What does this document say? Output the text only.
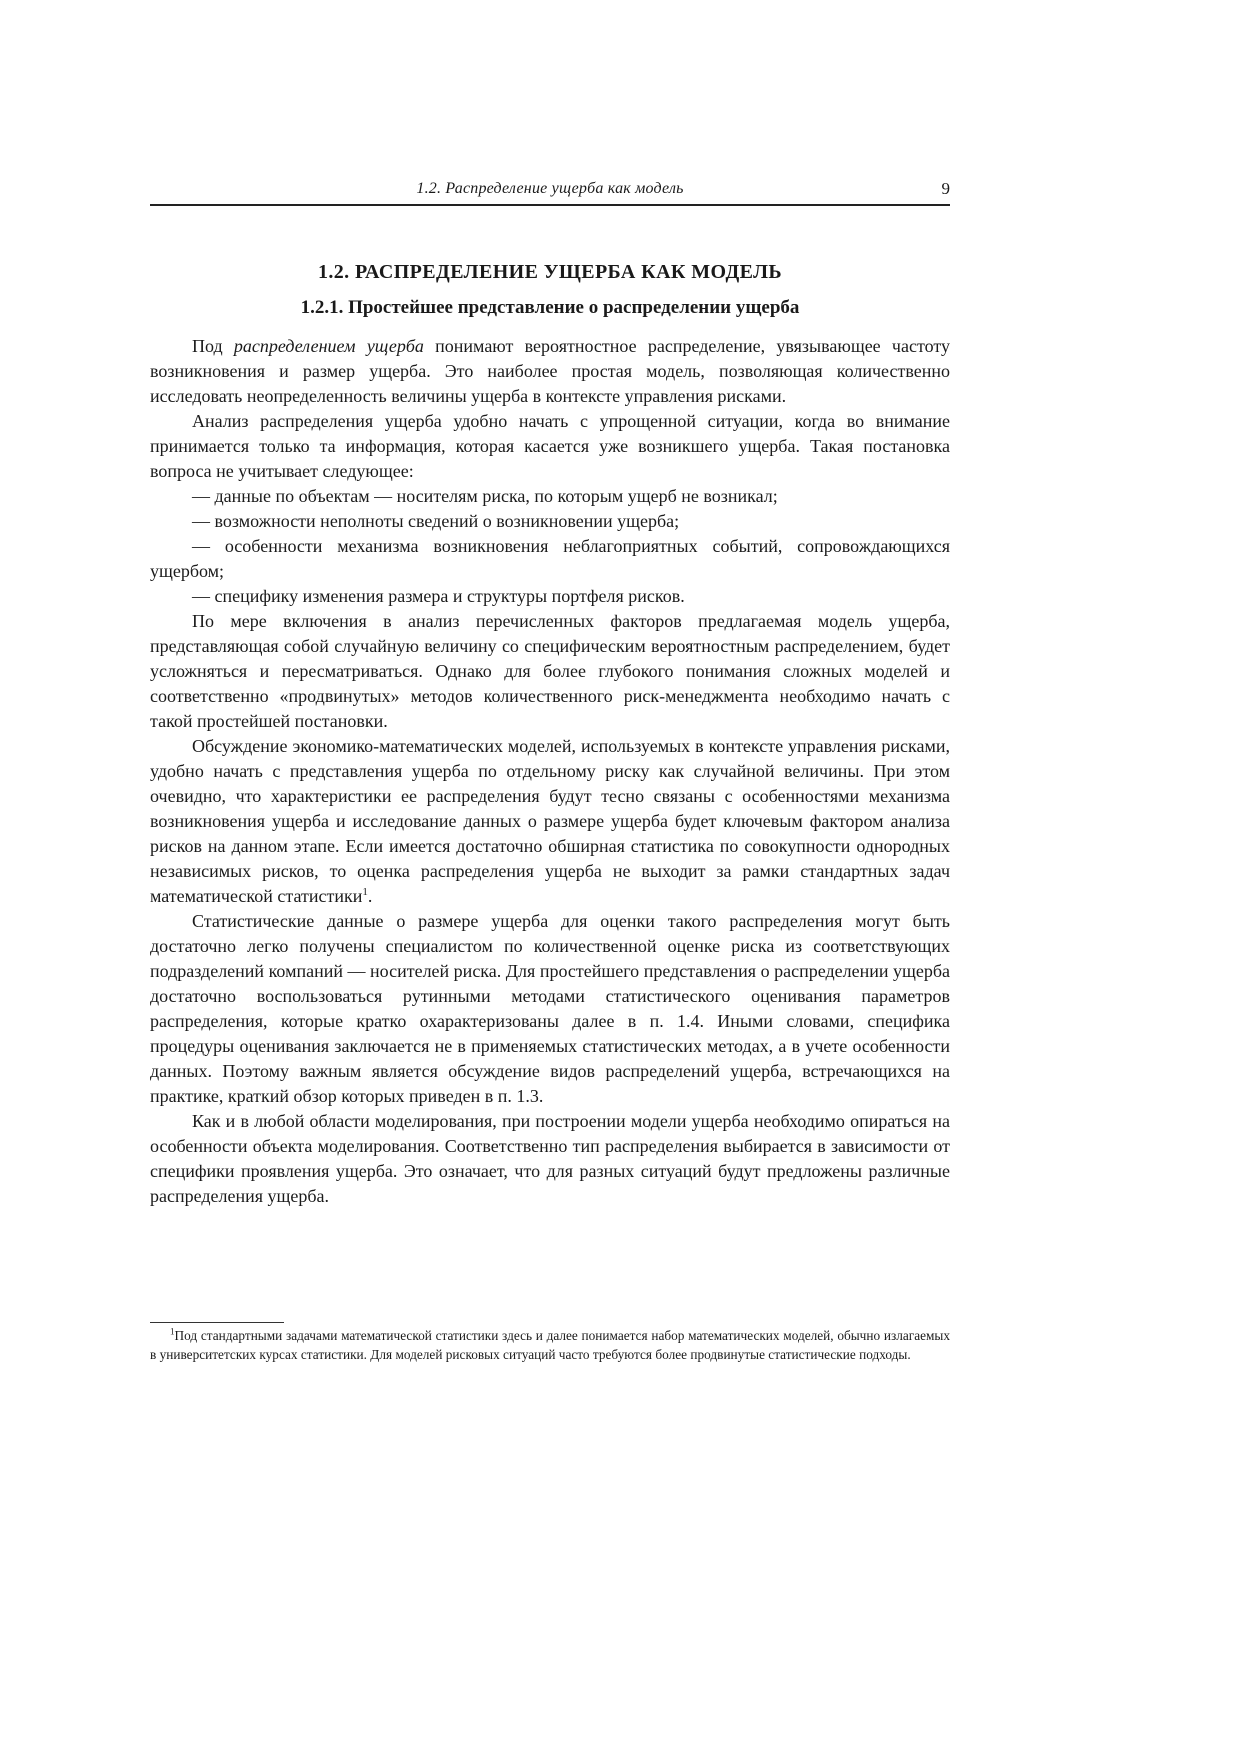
1.2. Распределение ущерба как модель	9
1.2. РАСПРЕДЕЛЕНИЕ УЩЕРБА КАК МОДЕЛЬ
1.2.1. Простейшее представление о распределении ущерба

Под распределением ущерба понимают вероятностное распределение, увязывающее частоту возникновения и размер ущерба. Это наиболее простая модель, позволяющая количественно исследовать неопределенность величины ущерба в контексте управления рисками.

Анализ распределения ущерба удобно начать с упрощенной ситуации, когда во внимание принимается только та информация, которая касается уже возникшего ущерба. Такая постановка вопроса не учитывает следующее:

— данные по объектам — носителям риска, по которым ущерб не возникал;

— возможности неполноты сведений о возникновении ущерба;

— особенности механизма возникновения неблагоприятных событий, сопровождающихся ущербом;

— специфику изменения размера и структуры портфеля рисков.

По мере включения в анализ перечисленных факторов предлагаемая модель ущерба, представляющая собой случайную величину со специфическим вероятностным распределением, будет усложняться и пересматриваться. Однако для более глубокого понимания сложных моделей и соответственно «продвинутых» методов количественного риск-менеджмента необходимо начать с такой простейшей постановки.

Обсуждение экономико-математических моделей, используемых в контексте управления рисками, удобно начать с представления ущерба по отдельному риску как случайной величины. При этом очевидно, что характеристики ее распределения будут тесно связаны с особенностями механизма возникновения ущерба и исследование данных о размере ущерба будет ключевым фактором анализа рисков на данном этапе. Если имеется достаточно обширная статистика по совокупности однородных независимых рисков, то оценка распределения ущерба не выходит за рамки стандартных задач математической статистики$^1$.

Статистические данные о размере ущерба для оценки такого распределения могут быть достаточно легко получены специалистом по количественной оценке риска из соответствующих подразделений компаний — носителей риска. Для простейшего представления о распределении ущерба достаточно воспользоваться рутинными методами статистического оценивания параметров распределения, которые кратко охарактеризованы далее в п. 1.4. Иными словами, специфика процедуры оценивания заключается не в применяемых статистических методах, а в учете особенности данных. Поэтому важным является обсуждение видов распределений ущерба, встречающихся на практике, краткий обзор которых приведен в п. 1.3.

Как и в любой области моделирования, при построении модели ущерба необходимо опираться на особенности объекта моделирования. Соответственно тип распределения выбирается в зависимости от специфики проявления ущерба. Это означает, что для разных ситуаций будут предложены различные распределения ущерба.

$^1$Под стандартными задачами математической статистики здесь и далее понимается набор математических моделей, обычно излагаемых в университетских курсах статистики. Для моделей рисковых ситуаций часто требуются более продвинутые статистические подходы.
